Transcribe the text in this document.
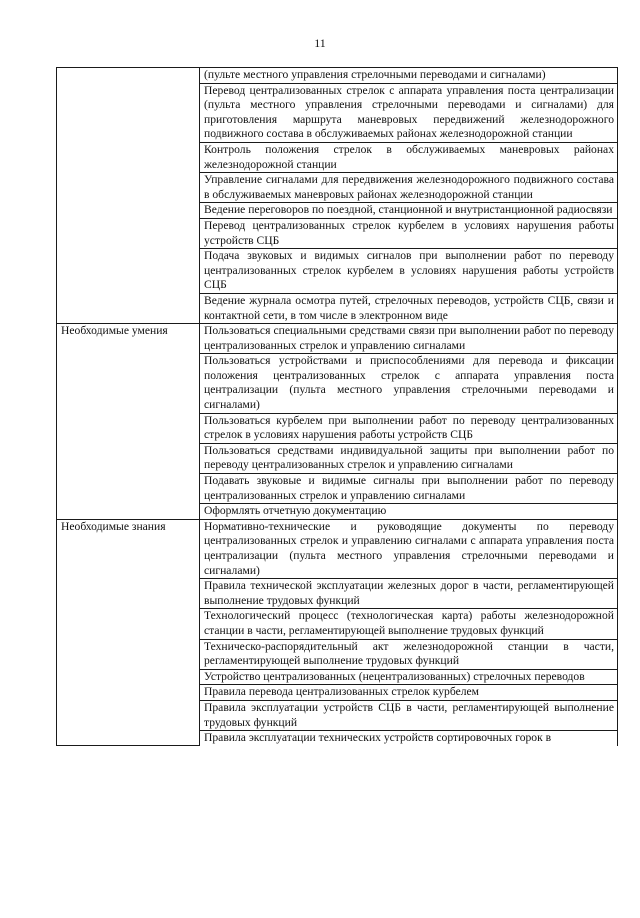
11
	(пульте местного управления стрелочными переводами и сигналами)
	Перевод централизованных стрелок с аппарата управления поста централизации (пульта местного управления стрелочными переводами и сигналами) для приготовления маршрута маневровых передвижений железнодорожного подвижного состава в обслуживаемых районах железнодорожной станции
	Контроль положения стрелок в обслуживаемых маневровых районах железнодорожной станции
	Управление сигналами для передвижения железнодорожного подвижного состава в обслуживаемых маневровых районах железнодорожной станции
	Ведение переговоров по поездной, станционной и внутристанционной радиосвязи
	Перевод централизованных стрелок курбелем в условиях нарушения работы устройств СЦБ
	Подача звуковых и видимых сигналов при выполнении работ по переводу централизованных стрелок курбелем в условиях нарушения работы устройств СЦБ
	Ведение журнала осмотра путей, стрелочных переводов, устройств СЦБ, связи и контактной сети, в том числе в электронном виде
Необходимые умения	Пользоваться специальными средствами связи при выполнении работ по переводу централизованных стрелок и управлению сигналами
	Пользоваться устройствами и приспособлениями для перевода и фиксации положения централизованных стрелок с аппарата управления поста централизации (пульта местного управления стрелочными переводами и сигналами)
	Пользоваться курбелем при выполнении работ по переводу централизованных стрелок в условиях нарушения работы устройств СЦБ
	Пользоваться средствами индивидуальной защиты при выполнении работ по переводу централизованных стрелок и управлению сигналами
	Подавать звуковые и видимые сигналы при выполнении работ по переводу централизованных стрелок и управлению сигналами
	Оформлять отчетную документацию
Необходимые знания	Нормативно-технические и руководящие документы по переводу централизованных стрелок и управлению сигналами с аппарата управления поста централизации (пульта местного управления стрелочными переводами и сигналами)
	Правила технической эксплуатации железных дорог в части, регламентирующей выполнение трудовых функций
	Технологический процесс (технологическая карта) работы железнодорожной станции в части, регламентирующей выполнение трудовых функций
	Техническо-распорядительный акт железнодорожной станции в части, регламентирующей выполнение трудовых функций
	Устройство централизованных (нецентрализованных) стрелочных переводов
	Правила перевода централизованных стрелок курбелем
	Правила эксплуатации устройств СЦБ в части, регламентирующей выполнение трудовых функций
	Правила эксплуатации технических устройств сортировочных горок в
